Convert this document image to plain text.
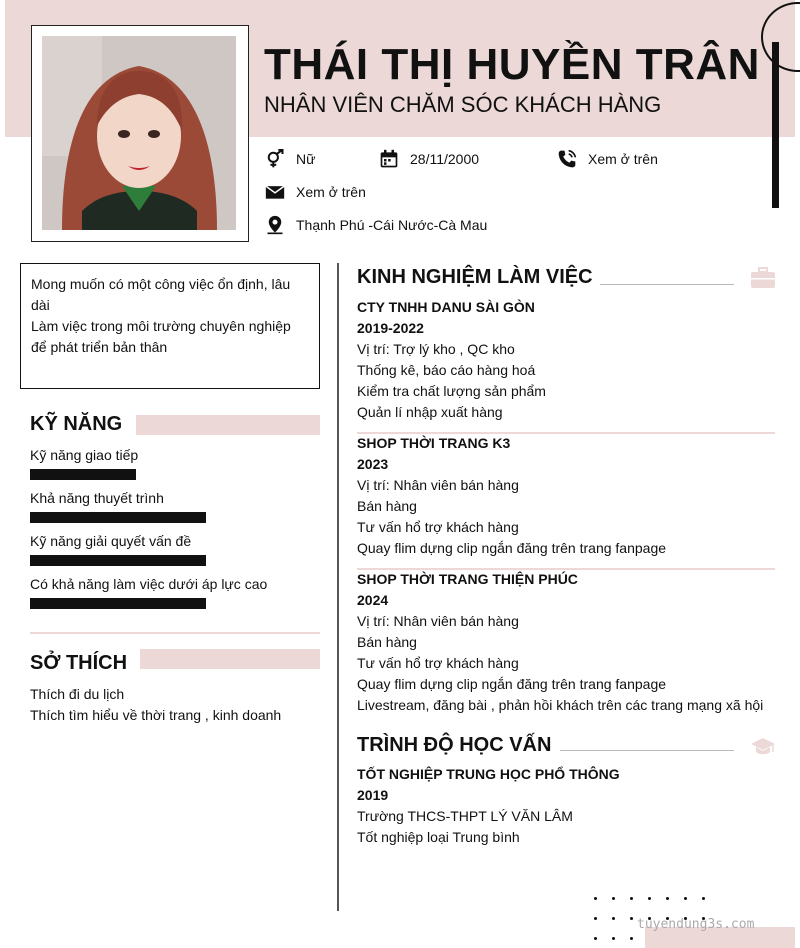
THÁI THỊ HUYỀN TRÂN
NHÂN VIÊN CHĂM SÓC KHÁCH HÀNG
Nữ	28/11/2000	Xem ở trên
Xem ở trên
Thạnh Phú -Cái Nước-Cà Mau

Mong muốn có một công việc ổn định, lâu dài

Làm việc trong môi trường chuyên nghiệp để phát triển bản thân

KỸ NĂNG
Kỹ năng giao tiếp
Khả năng thuyết trình
Kỹ năng giải quyết vấn đề
Có khả năng làm việc dưới áp lực cao
SỞ THÍCH
Thích đi du lịch
Thích tìm hiểu về thời trang , kinh doanh
KINH NGHIỆM LÀM VIỆC
CTY TNHH DANU SÀI GÒN
2019-2022
Vị trí: Trợ lý kho , QC kho
Thống kê, báo cáo hàng hoá
Kiểm tra chất lượng sản phẩm
Quản lí nhập xuất hàng
SHOP THỜI TRANG K3
2023
Vị trí: Nhân viên bán hàng
Bán hàng
Tư vấn hổ trợ khách hàng
Quay flim dựng clip ngắn đăng trên trang fanpage
SHOP THỜI TRANG THIỆN PHÚC
2024
Vị trí: Nhân viên bán hàng
Bán hàng
Tư vấn hổ trợ khách hàng
Quay flim dựng clip ngắn đăng trên trang fanpage
Livestream, đăng bài , phản hồi khách trên các trang mạng xã hội
TRÌNH ĐỘ HỌC VẤN
TỐT NGHIỆP TRUNG HỌC PHỔ THÔNG
2019
Trường THCS-THPT LÝ VĂN LÂM
Tốt nghiệp loại Trung bình
tuyendung3s.com
